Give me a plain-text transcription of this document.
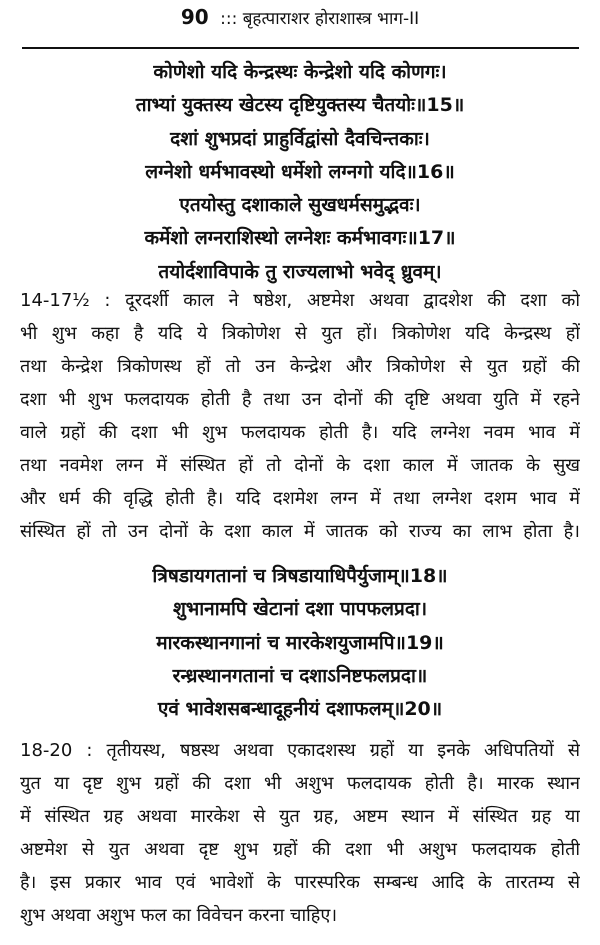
90 ::: बृहत्पाराशर होराशास्त्र भाग-II
कोणेशो यदि केन्द्रस्थः केन्द्रेशो यदि कोणगः।
ताभ्यां युक्तस्य खेटस्य दृष्टियुक्तस्य चैतयोः॥15॥
दशां शुभप्रदां प्राहुर्विद्वांसो दैवचिन्तकाः।
लग्नेशो धर्मभावस्थो धर्मेशो लग्नगो यदि॥16॥
एतयोस्तु दशाकाले सुखधर्मसमुद्भवः।
कर्मेशो लग्नराशिस्थो लग्नेशः कर्मभावगः॥17॥
तयोर्दशाविपाके तु राज्यलाभो भवेद् ध्रुवम्।
14-17½ : दूरदर्शी काल ने षष्ठेश, अष्टमेश अथवा द्वादशेश की दशा को
भी शुभ कहा है यदि ये त्रिकोणेश से युत हों। त्रिकोणेश यदि केन्द्रस्थ हों
तथा केन्द्रेश त्रिकोणस्थ हों तो उन केन्द्रेश और त्रिकोणेश से युत ग्रहों की
दशा भी शुभ फलदायक होती है तथा उन दोनों की दृष्टि अथवा युति में रहने
वाले ग्रहों की दशा भी शुभ फलदायक होती है। यदि लग्नेश नवम भाव में
तथा नवमेश लग्न में संस्थित हों तो दोनों के दशा काल में जातक के सुख
और धर्म की वृद्धि होती है। यदि दशमेश लग्न में तथा लग्नेश दशम भाव में
संस्थित हों तो उन दोनों के दशा काल में जातक को राज्य का लाभ होता है।
त्रिषडायगतानां च त्रिषडायाधिपैर्युजाम्॥18॥
शुभानामपि खेटानां दशा पापफलप्रदा।
मारकस्थानगानां च मारकेशयुजामपि॥19॥
रन्ध्रस्थानगतानां च दशाऽनिष्टफलप्रदा॥
एवं भावेशसबन्धादूहनीयं दशाफलम्॥20॥
18-20 : तृतीयस्थ, षष्ठस्थ अथवा एकादशस्थ ग्रहों या इनके अधिपतियों से
युत या दृष्ट शुभ ग्रहों की दशा भी अशुभ फलदायक होती है। मारक स्थान
में संस्थित ग्रह अथवा मारकेश से युत ग्रह, अष्टम स्थान में संस्थित ग्रह या
अष्टमेश से युत अथवा दृष्ट शुभ ग्रहों की दशा भी अशुभ फलदायक होती
है। इस प्रकार भाव एवं भावेशों के पारस्परिक सम्बन्ध आदि के तारतम्य से
शुभ अथवा अशुभ फल का विवेचन करना चाहिए।
